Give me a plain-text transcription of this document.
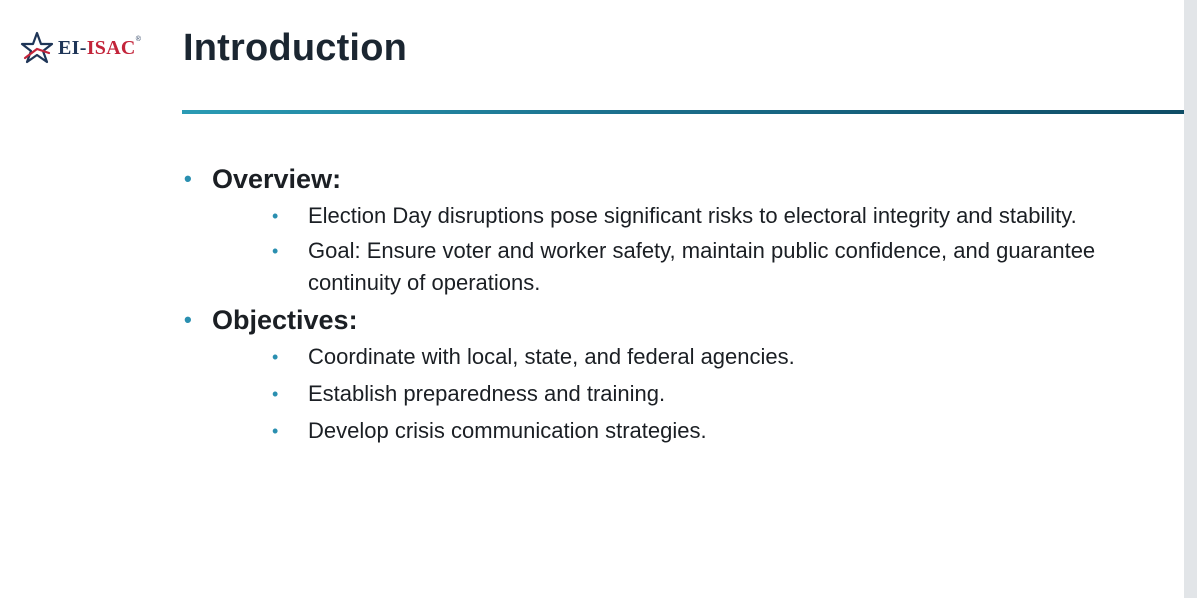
EI-ISAC ® Introduction
• Overview:
• Election Day disruptions pose significant risks to electoral integrity and stability.
• Goal: Ensure voter and worker safety, maintain public confidence, and guarantee continuity of operations.
• Objectives:
• Coordinate with local, state, and federal agencies.
• Establish preparedness and training.
• Develop crisis communication strategies.
